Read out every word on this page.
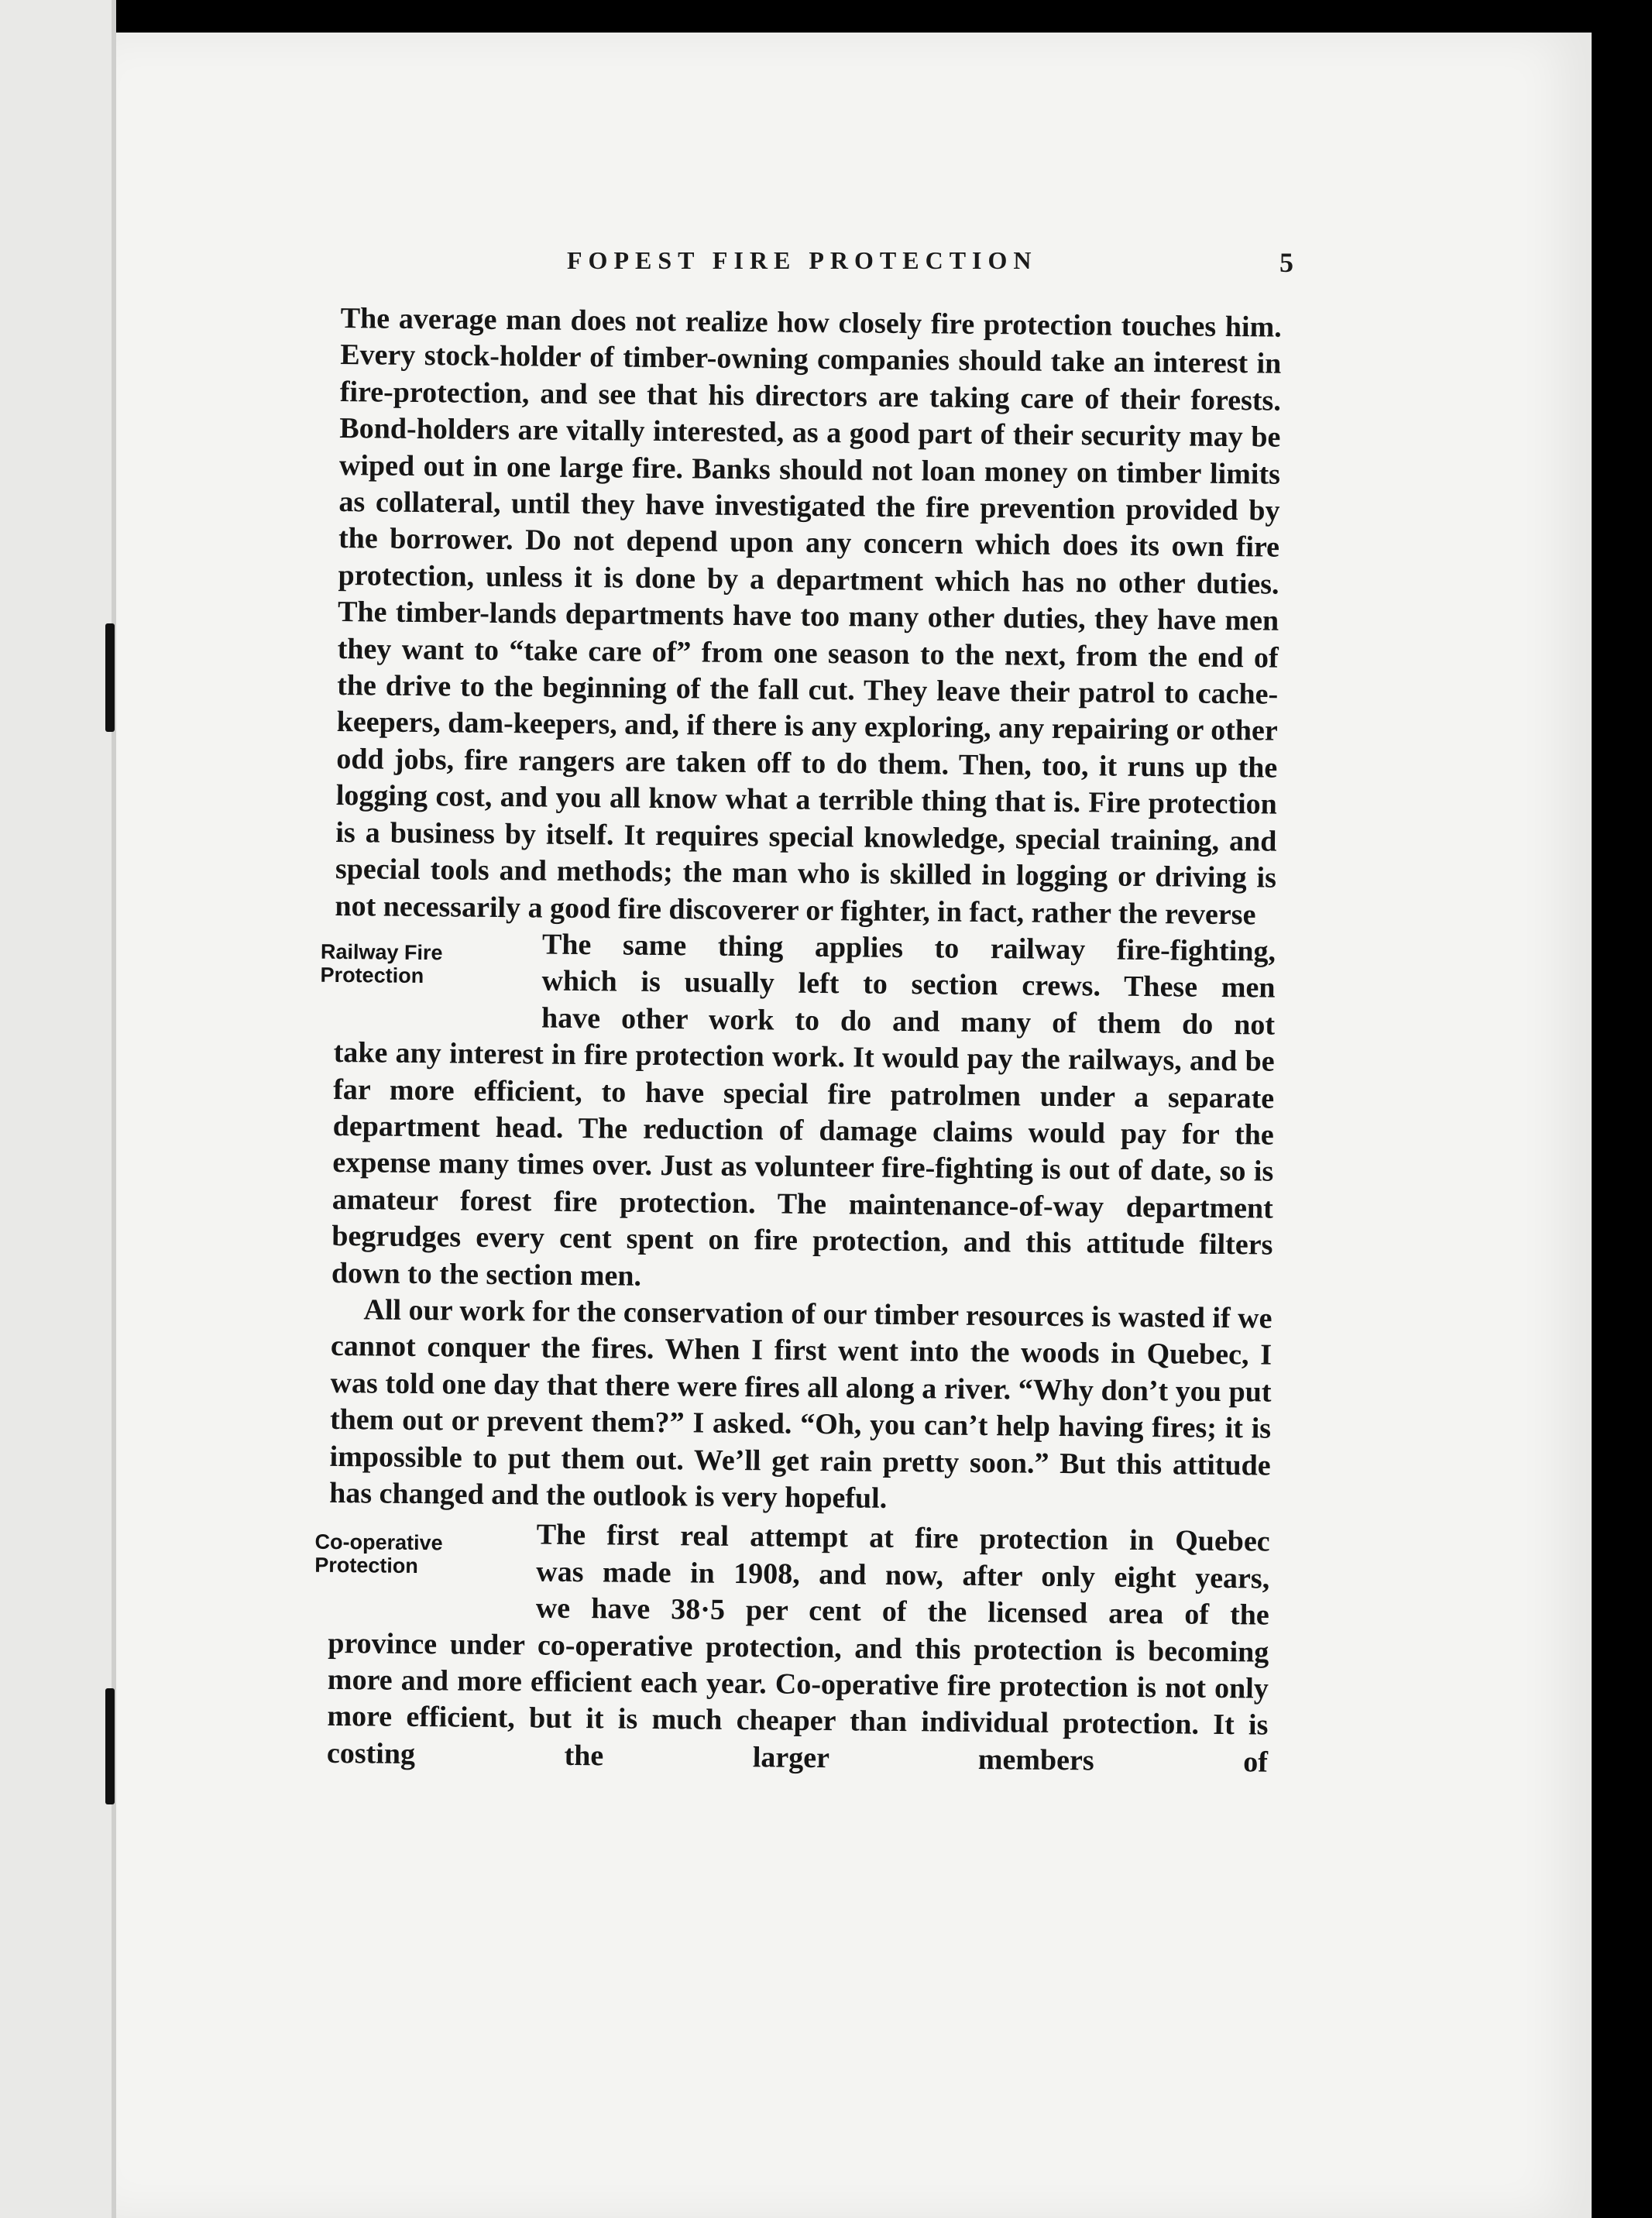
FOPEST FIRE PROTECTION	5

The average man does not realize how closely fire protection touches him. Every stock-holder of timber-owning companies should take an interest in fire-protection, and see that his directors are taking care of their forests. Bond-holders are vitally interested, as a good part of their security may be wiped out in one large fire. Banks should not loan money on timber limits as collateral, until they have investigated the fire prevention provided by the borrower. Do not depend upon any concern which does its own fire protection, unless it is done by a department which has no other duties. The timber-lands departments have too many other duties, they have men they want to “take care of” from one season to the next, from the end of the drive to the beginning of the fall cut. They leave their patrol to cache-keepers, dam-keepers, and, if there is any exploring, any repairing or other odd jobs, fire rangers are taken off to do them. Then, too, it runs up the logging cost, and you all know what a terrible thing that is. Fire protection is a business by itself. It requires special knowledge, special training, and special tools and methods; the man who is skilled in logging or driving is not necessarily a good fire discoverer or fighter, in fact, rather the reverse

Railway Fire
Protection

The same thing applies to railway fire-fighting,

which is usually left to section crews. These men

have other work to do and many of them do not

take any interest in fire protection work. It would pay the railways, and be far more efficient, to have special fire patrolmen under a separate department head. The reduction of damage claims would pay for the expense many times over. Just as volunteer fire-fighting is out of date, so is amateur forest fire protection. The maintenance-of-way department begrudges every cent spent on fire protection, and this attitude filters down to the section men.

All our work for the conservation of our timber resources is wasted if we cannot conquer the fires. When I first went into the woods in Quebec, I was told one day that there were fires all along a river. “Why don’t you put them out or prevent them?” I asked. “Oh, you can’t help having fires; it is impossible to put them out. We’ll get rain pretty soon.” But this attitude has changed and the outlook is very hopeful.

Co-operative
Protection

The first real attempt at fire protection in Quebec

was made in 1908, and now, after only eight years,

we have 38·5 per cent of the licensed area of the

province under co-operative protection, and this protection is becoming more and more efficient each year. Co-operative fire protection is not only more efficient, but it is much cheaper than individual protection. It is costing the larger members of
